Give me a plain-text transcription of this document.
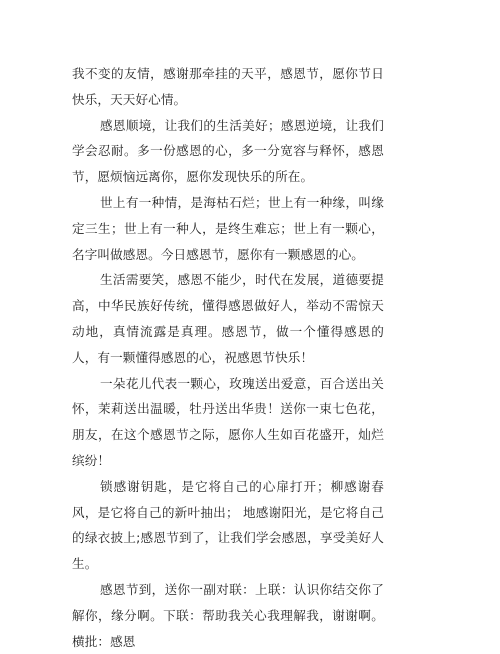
我不变的友情，感谢那牵挂的天平，感恩节，愿你节日快乐，天天好心情。

感恩顺境，让我们的生活美好；感恩逆境，让我们学会忍耐。多一份感恩的心，多一分宽容与释怀，感恩节，愿烦恼远离你，愿你发现快乐的所在。

世上有一种情，是海枯石烂；世上有一种缘，叫缘定三生；世上有一种人，是终生难忘；世上有一颗心，名字叫做感恩。今日感恩节，愿你有一颗感恩的心。

生活需要笑，感恩不能少，时代在发展，道德要提高，中华民族好传统，懂得感恩做好人，举动不需惊天动地，真情流露是真理。感恩节，做一个懂得感恩的人，有一颗懂得感恩的心，祝感恩节快乐！

一朵花儿代表一颗心，玫瑰送出爱意，百合送出关怀，茉莉送出温暖，牡丹送出华贵！送你一束七色花，朋友，在这个感恩节之际，愿你人生如百花盛开，灿烂缤纷！

锁感谢钥匙，是它将自己的心扉打开；柳感谢春风，是它将自己的新叶抽出； 地感谢阳光，是它将自己的绿衣披上;感恩节到了，让我们学会感恩，享受美好人生。

感恩节到，送你一副对联：上联：认识你结交你了解你，缘分啊。下联：帮助我关心我理解我，谢谢啊。横批：感恩
